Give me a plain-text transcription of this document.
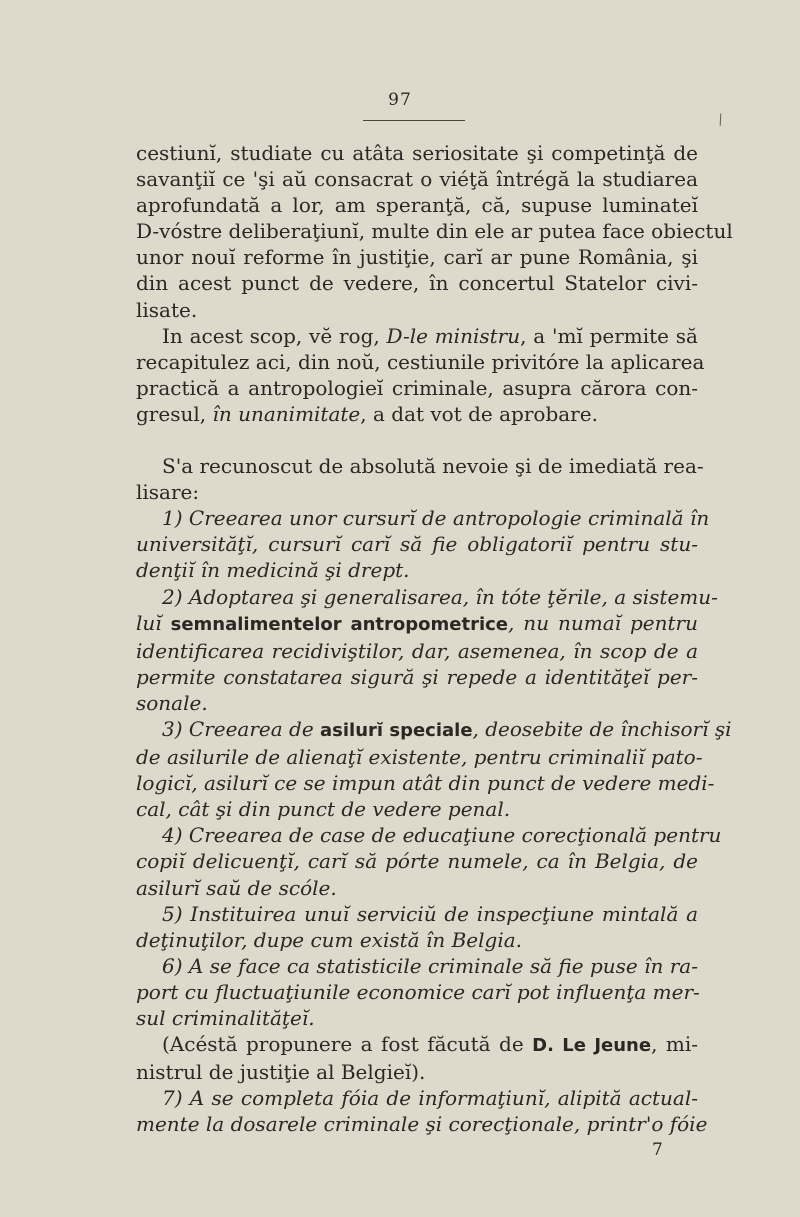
97
\
cestiunĭ, studiate cu atâta seriositate şi competinţă de
savanţiĭ ce 'şi aŭ consacrat o viéţă întrégă la studiarea
aprofundată a lor, am speranţă, că, supuse luminateĭ
D-vóstre deliberaţiunĭ, multe din ele ar putea face obiectul
unor nouĭ reforme în justiţie, carĭ ar pune România, şi
din acest punct de vedere, în concertul Statelor civi-
lisate.
In acest scop, vĕ rog, D-le ministru, a 'mĭ permite să
recapitulez aci, din noŭ, cestiunile privitóre la aplicarea
practică a antropologieĭ criminale, asupra cărora con-
gresul, în unanimitate, a dat vot de aprobare.
S'a recunoscut de absolută nevoie şi de imediată rea-
lisare:
1) Creearea unor cursurĭ de antropologie criminală în
universităţĭ, cursurĭ carĭ să fie obligatoriĭ pentru stu-
denţiĭ în medicină şi drept.
2) Adoptarea şi generalisarea, în tóte ţĕrile, a sistemu-
luĭ semnalimentelor antropometrice, nu numaĭ pentru
identificarea recidiviştilor, dar, asemenea, în scop de a
permite constatarea sigură şi repede a identităţeĭ per-
sonale.
3) Creearea de asilurĭ speciale, deosebite de închisorĭ şi
de asilurile de alienaţĭ existente, pentru criminaliĭ pato-
logicĭ, asilurĭ ce se impun atât din punct de vedere medi-
cal, cât şi din punct de vedere penal.
4) Creearea de case de educaţiune corecţională pentru
copiĭ delicuenţĭ, carĭ să pórte numele, ca în Belgia, de
asilurĭ saŭ de scóle.
5) Instituirea unuĭ serviciŭ de inspecţiune mintală a
deţinuţilor, dupe cum există în Belgia.
6) A se face ca statisticile criminale să fie puse în ra-
port cu fluctuaţiunile economice carĭ pot influenţa mer-
sul criminalităţeĭ.
(Acéstă propunere a fost făcută de D. Le Jeune, mi-
nistrul de justiţie al Belgieĭ).
7) A se completa fóia de informaţiunĭ, alipită actual-
mente la dosarele criminale şi corecţionale, printr'o fóie
7
